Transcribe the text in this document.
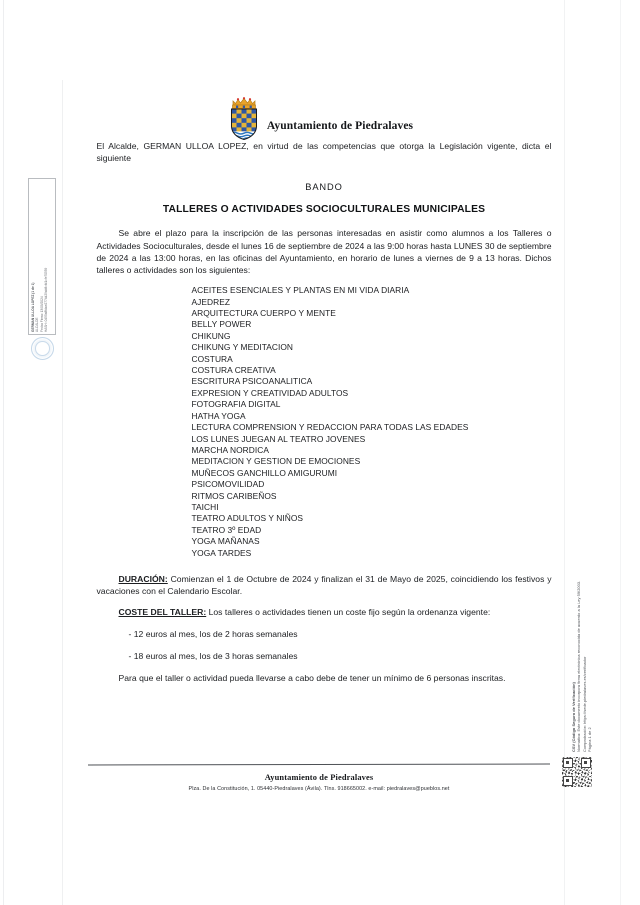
GERMAN ULLOA LOPEZ (1 de 1) ALCALDE Fecha Firma: 13/09/2024 HASH: 0455a8fdae2774d29ab8cfd1cfe70559
CSV (Código Seguro de Verificación) Normativa: Este documento incorpora firma electrónica reconocida de acuerdo a la Ley 59/2003. Comprobación: https://sede.piedralaves.es/verificador Página 1 de 2
Ayuntamiento de Piedralaves

El Alcalde, GERMAN ULLOA LOPEZ, en virtud de las competencias que otorga la Legislación vigente, dicta el siguiente

BANDO
TALLERES O ACTIVIDADES SOCIOCULTURALES MUNICIPALES

Se abre el plazo para la inscripción de las personas interesadas en asistir como alumnos a los Talleres o Actividades Socioculturales, desde el lunes 16 de septiembre de 2024 a las 9:00 horas hasta LUNES 30 de septiembre de 2024 a las 13:00 horas, en las oficinas del Ayuntamiento, en horario de lunes a viernes de 9 a 13 horas. Dichos talleres o actividades son los siguientes:

ACEITES ESENCIALES Y PLANTAS EN MI VIDA DIARIA
AJEDREZ
ARQUITECTURA CUERPO Y MENTE
BELLY POWER
CHIKUNG
CHIKUNG Y MEDITACION
COSTURA
COSTURA CREATIVA
ESCRITURA PSICOANALITICA
EXPRESION Y CREATIVIDAD ADULTOS
FOTOGRAFIA DIGITAL
HATHA YOGA
LECTURA COMPRENSION Y REDACCION PARA TODAS LAS EDADES
LOS LUNES JUEGAN AL TEATRO JOVENES
MARCHA NORDICA
MEDITACION Y GESTION DE EMOCIONES
MUÑECOS GANCHILLO AMIGURUMI
PSICOMOVILIDAD
RITMOS CARIBEÑOS
TAICHI
TEATRO ADULTOS Y NIÑOS
TEATRO 3º EDAD
YOGA MAÑANAS
YOGA TARDES

DURACIÓN: Comienzan el 1 de Octubre de 2024 y finalizan el 31 de Mayo de 2025, coincidiendo los festivos y vacaciones con el Calendario Escolar.

COSTE DEL TALLER: Los talleres o actividades tienen un coste fijo según la ordenanza vigente:

- 12 euros al mes, los de 2 horas semanales
- 18 euros al mes, los de 3 horas semanales

Para que el taller o actividad pueda llevarse a cabo debe de tener un mínimo de 6 personas inscritas.

Ayuntamiento de Piedralaves
Plza. De la Constitución, 1. 05440-Piedralaves (Ávila). Tlns. 918665002. e-mail: piedralaves@pueblos.net
